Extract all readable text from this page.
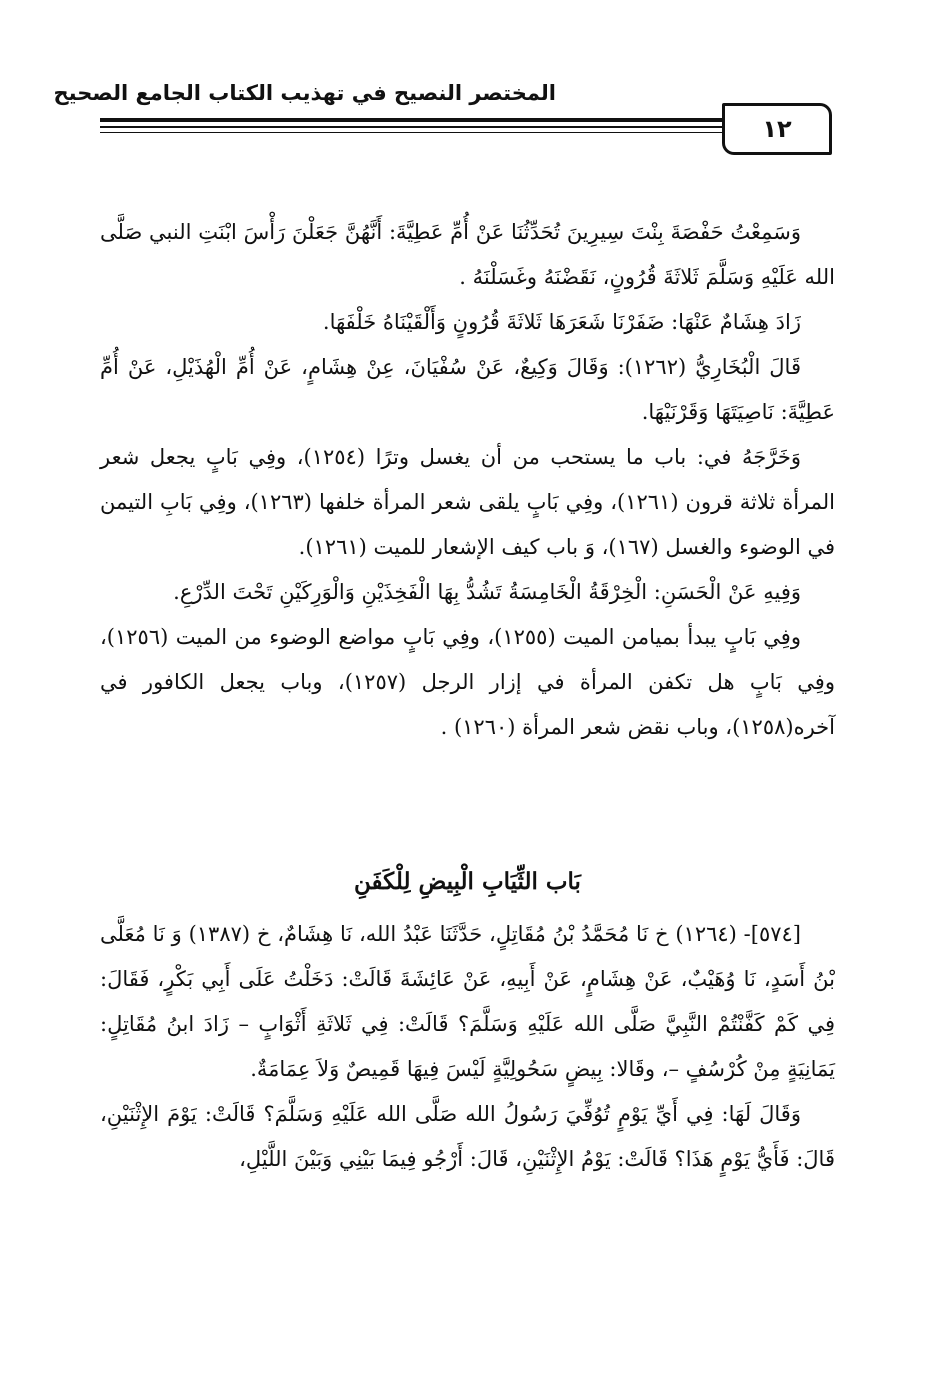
المختصر النصيح في تهذيب الكتاب الجامع الصحيح
١٢

وَسَمِعْتُ حَفْصَةَ بِنْتَ سِيرِينَ تُحَدِّثُنَا عَنْ أُمِّ عَطِيَّةَ: أَنَّهُنَّ جَعَلْنَ رَأْسَ ابْنَتِ النبي صَلَّى الله عَلَيْهِ وَسَلَّمَ ثَلاثَةَ قُرُونٍ، نَقَضْنَهُ وغَسَلْنَهُ .

زَادَ هِشَامٌ عَنْهَا: ضَفَرْنَا شَعَرَهَا ثَلاثَةَ قُرُونٍ وَأَلْقَيْنَاهُ خَلْفَهَا.

قَالَ الْبُخَارِيُّ (١٢٦٢): وَقَالَ وَكِيعٌ، عَنْ سُفْيَانَ، عِنْ هِشَامٍ، عَنْ أُمِّ الْهُذَيْلِ، عَنْ أُمِّ عَطِيَّةَ: نَاصِيَتَهَا وَقَرْنَيْهَا.

وَخَرَّجَهُ في: باب ما يستحب من أن يغسل وترًا (١٢٥٤)، وفِي بَابٍ يجعل شعر المرأة ثلاثة قرون (١٢٦١)، وفِي بَابٍ يلقى شعر المرأة خلفها (١٢٦٣)، وفِي بَابِ التيمن في الوضوء والغسل (١٦٧)، وَ باب كيف الإشعار للميت (١٢٦١).

وَفِيهِ عَنْ الْحَسَنِ: الْخِرْقَةُ الْخَامِسَةُ تَشُدُّ بِهَا الْفَخِذَيْنِ وَالْوَرِكَيْنِ تَحْتَ الدِّرْعِ.

وفِي بَابٍ يبدأ بميامن الميت (١٢٥٥)، وفِي بَابٍ مواضع الوضوء من الميت (١٢٥٦)، وفِي بَابٍ هل تكفن المرأة في إزار الرجل (١٢٥٧)، وباب يجعل الكافور في آخره(١٢٥٨)، وباب نقض شعر المرأة (١٢٦٠) .

بَاب الثِّيَابِ الْبِيضِ لِلْكَفَنِ

[٥٧٤]- (١٢٦٤) خ نَا مُحَمَّدُ بْنُ مُقَاتِلٍ، حَدَّثَنَا عَبْدُ الله، نَا هِشَامٌ، خ (١٣٨٧) وَ نَا مُعَلَّى بْنُ أَسَدٍ، نَا وُهَيْبٌ، عَنْ هِشَامٍ، عَنْ أَبِيهِ، عَنْ عَائِشَةَ قَالَتْ: دَخَلْتُ عَلَى أَبِي بَكْرٍ، فَقَالَ: فِي كَمْ كَفَّنْتُمْ النَّبِيَّ صَلَّى الله عَلَيْهِ وَسَلَّمَ؟ قَالَتْ: فِي ثَلاثَةِ أَثْوَابٍ – زَادَ ابنُ مُقَاتِلٍ: يَمَانِيَةٍ مِنْ كُرْسُفٍ –، وقَالا: بِيضٍ سَحُولِيَّةٍ لَيْسَ فِيهَا قَمِيصٌ وَلاَ عِمَامَةٌ.

وَقَالَ لَهَا: فِي أَيِّ يَوْمٍ تُوُفِّيَ رَسُولُ الله صَلَّى الله عَلَيْهِ وَسَلَّمَ؟ قَالَتْ: يَوْمَ الإِثْنَيْنِ، قَالَ: فَأَيُّ يَوْمٍ هَذَا؟ قَالَتْ: يَوْمُ الإِثْنَيْنِ، قَالَ: أَرْجُو فِيمَا بَيْنِي وَبَيْنَ اللَّيْلِ،
